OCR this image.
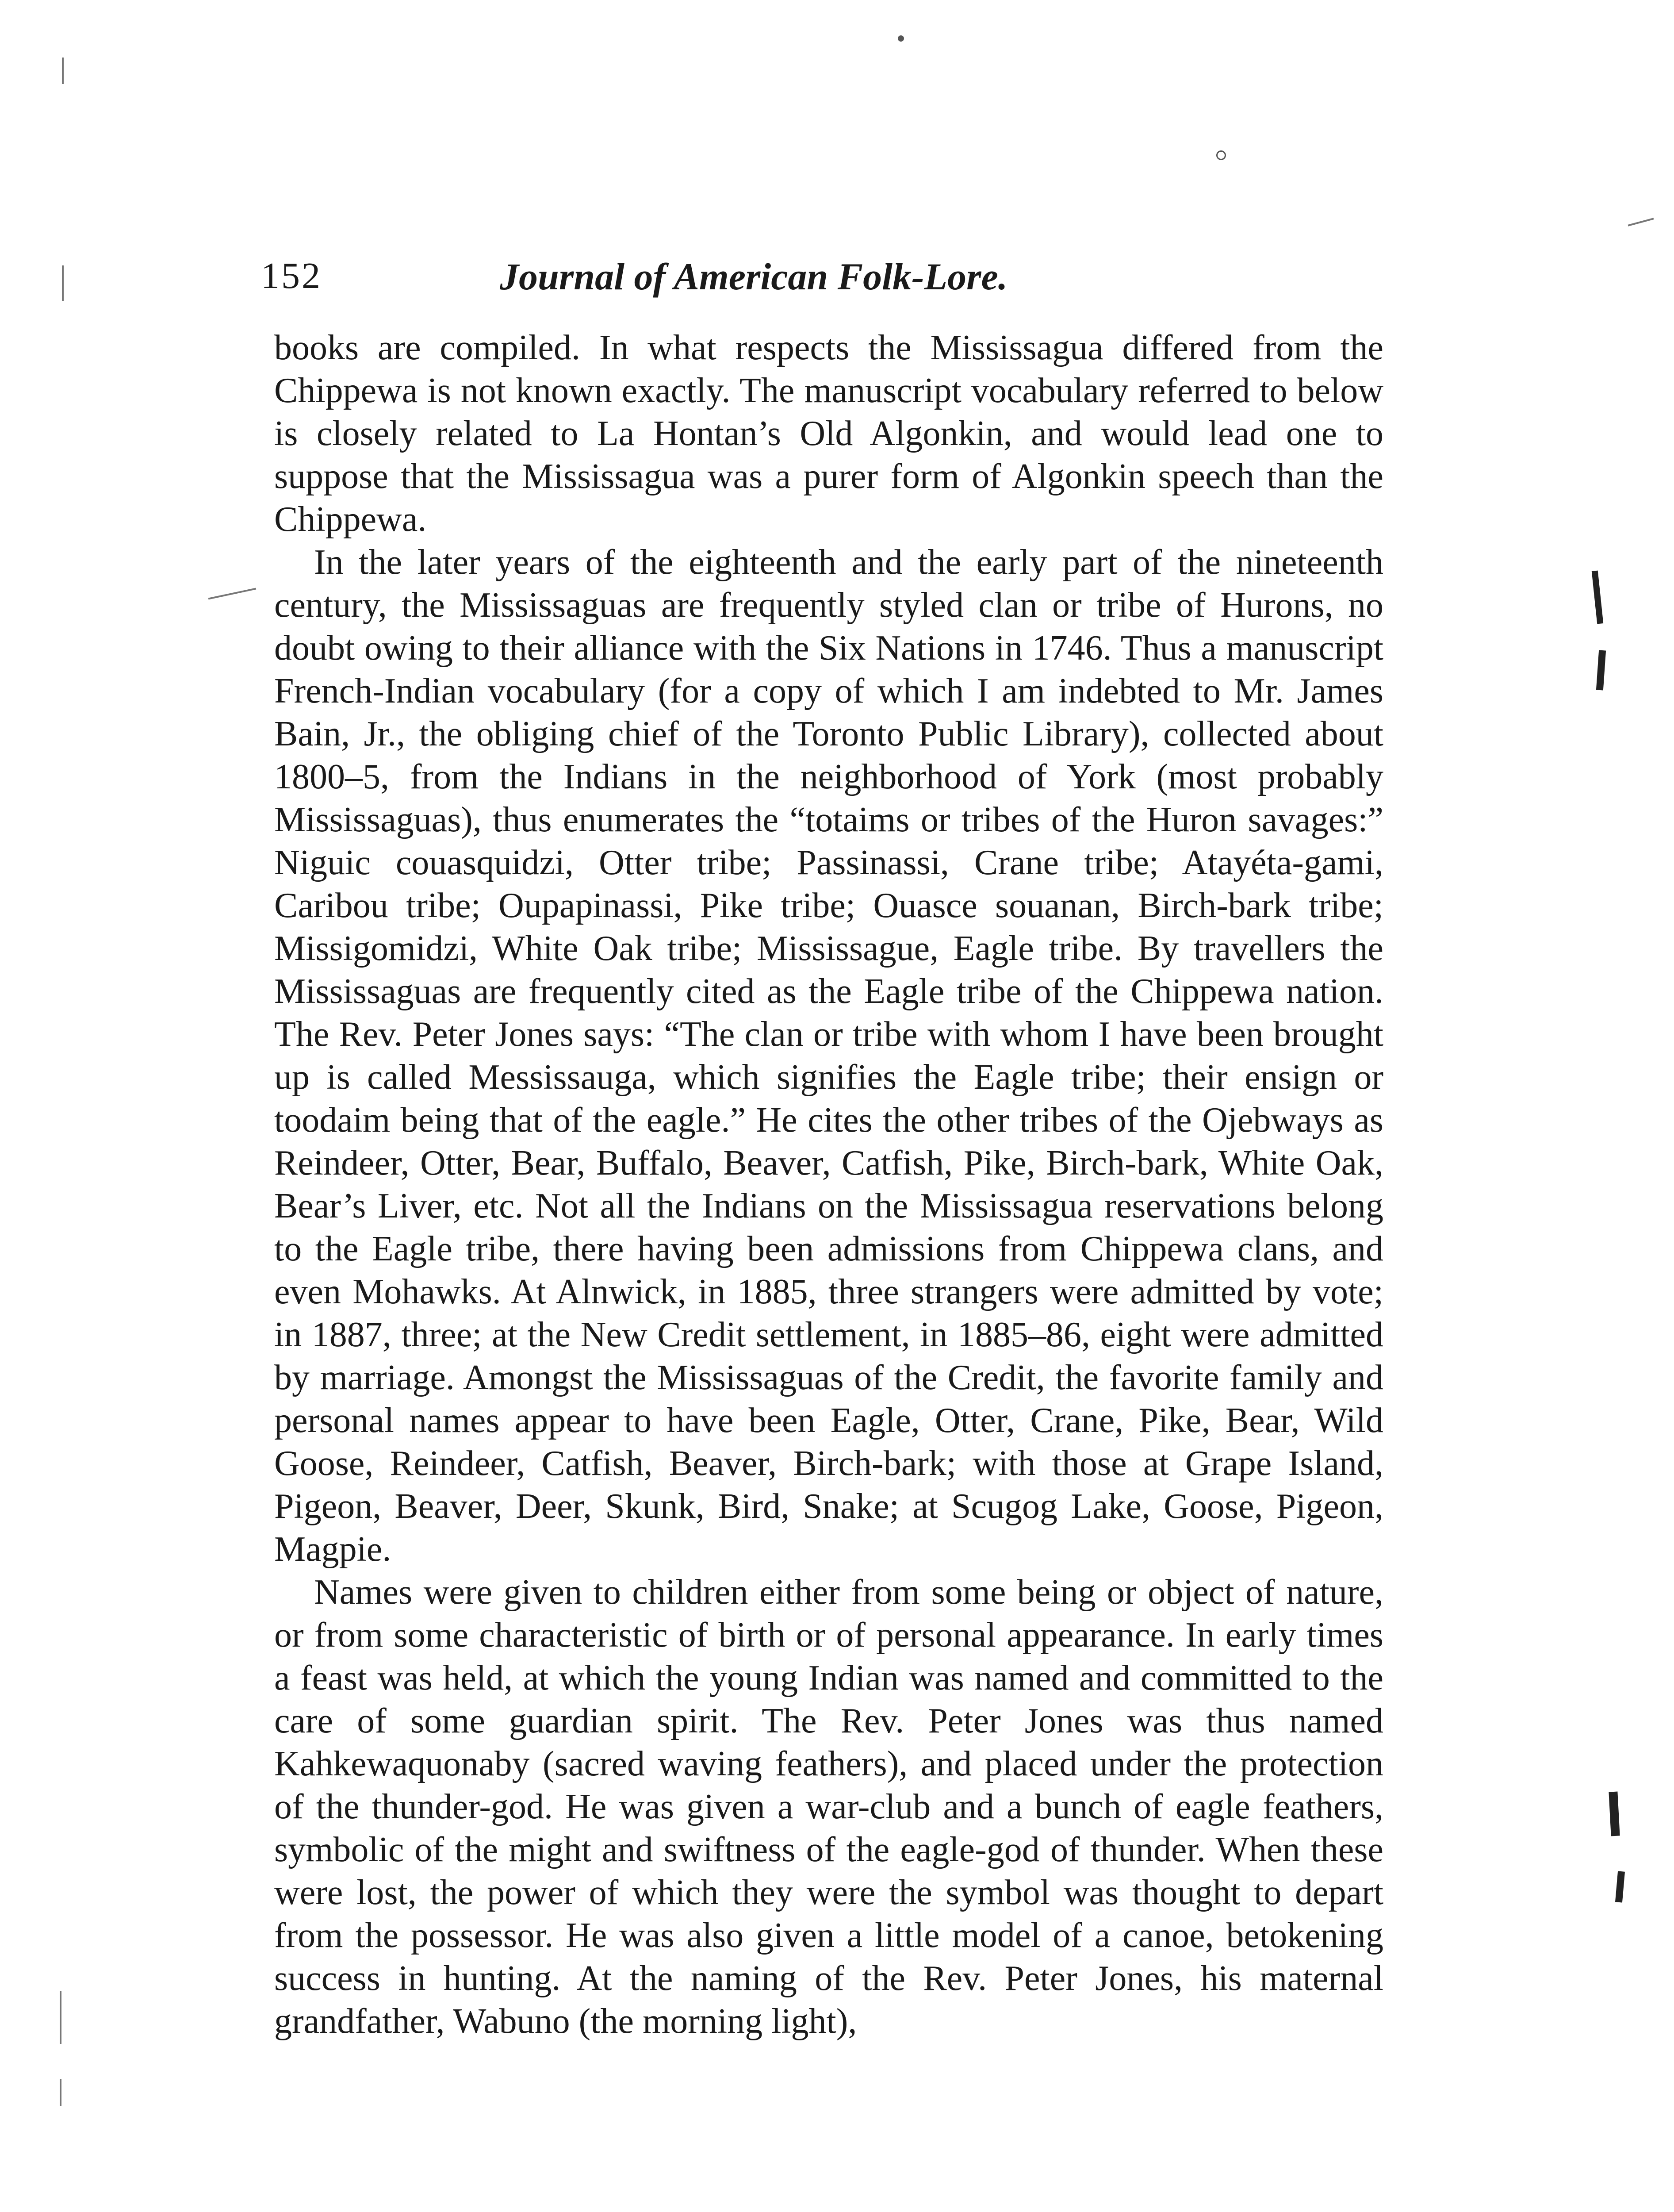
152	Journal of American Folk-Lore.

books are compiled. In what respects the Mississagua differed from the Chippewa is not known exactly. The manuscript vocabulary referred to below is closely related to La Hontan’s Old Algonkin, and would lead one to suppose that the Mississagua was a purer form of Algonkin speech than the Chippewa.

In the later years of the eighteenth and the early part of the nineteenth century, the Mississaguas are frequently styled clan or tribe of Hurons, no doubt owing to their alliance with the Six Nations in 1746. Thus a manuscript French-Indian vocabulary (for a copy of which I am indebted to Mr. James Bain, Jr., the obliging chief of the Toronto Public Library), collected about 1800–5, from the Indians in the neighborhood of York (most probably Mississaguas), thus enumerates the “totaims or tribes of the Huron savages:” Niguic couasquidzi, Otter tribe; Passinassi, Crane tribe; Atayéta-gami, Caribou tribe; Oupapinassi, Pike tribe; Ouasce souanan, Birch-bark tribe; Missigomidzi, White Oak tribe; Mississague, Eagle tribe. By travellers the Mississaguas are frequently cited as the Eagle tribe of the Chippewa nation. The Rev. Peter Jones says: “The clan or tribe with whom I have been brought up is called Messissauga, which signifies the Eagle tribe; their ensign or toodaim being that of the eagle.” He cites the other tribes of the Ojebways as Reindeer, Otter, Bear, Buffalo, Beaver, Catfish, Pike, Birch-bark, White Oak, Bear’s Liver, etc. Not all the Indians on the Mississagua reservations belong to the Eagle tribe, there having been admissions from Chippewa clans, and even Mohawks. At Alnwick, in 1885, three strangers were admitted by vote; in 1887, three; at the New Credit settlement, in 1885–86, eight were admitted by marriage. Amongst the Mississaguas of the Credit, the favorite family and personal names appear to have been Eagle, Otter, Crane, Pike, Bear, Wild Goose, Reindeer, Catfish, Beaver, Birch-bark; with those at Grape Island, Pigeon, Beaver, Deer, Skunk, Bird, Snake; at Scugog Lake, Goose, Pigeon, Magpie.

Names were given to children either from some being or object of nature, or from some characteristic of birth or of personal appearance. In early times a feast was held, at which the young Indian was named and committed to the care of some guardian spirit. The Rev. Peter Jones was thus named Kahkewaquonaby (sacred waving feathers), and placed under the protection of the thunder-god. He was given a war-club and a bunch of eagle feathers, symbolic of the might and swiftness of the eagle-god of thunder. When these were lost, the power of which they were the symbol was thought to depart from the possessor. He was also given a little model of a canoe, betokening success in hunting. At the naming of the Rev. Peter Jones, his maternal grandfather, Wabuno (the morning light),
